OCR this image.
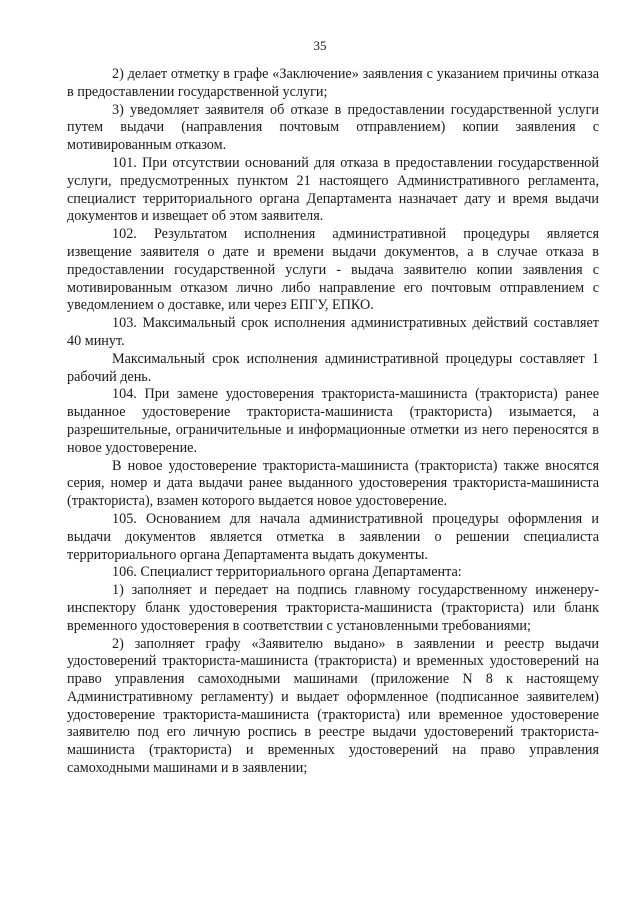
35

2) делает отметку в графе «Заключение» заявления с указанием причины отказа в предоставлении государственной услуги;

3) уведомляет заявителя об отказе в предоставлении государственной услуги путем выдачи (направления почтовым отправлением) копии заявления с мотивированным отказом.

101. При отсутствии оснований для отказа в предоставлении государственной услуги, предусмотренных пунктом 21 настоящего Административного регламента, специалист территориального органа Департамента назначает дату и время выдачи документов и извещает об этом заявителя.

102. Результатом исполнения административной процедуры является извещение заявителя о дате и времени выдачи документов, а в случае отказа в предоставлении государственной услуги - выдача заявителю копии заявления с мотивированным отказом лично либо направление его почтовым отправлением с уведомлением о доставке, или через ЕПГУ, ЕПКО.

103. Максимальный срок исполнения административных действий составляет 40 минут.

Максимальный срок исполнения административной процедуры составляет 1 рабочий день.

104. При замене удостоверения тракториста-машиниста (тракториста) ранее выданное удостоверение тракториста-машиниста (тракториста) изымается, а разрешительные, ограничительные и информационные отметки из него переносятся в новое удостоверение.

В новое удостоверение тракториста-машиниста (тракториста) также вносятся серия, номер и дата выдачи ранее выданного удостоверения тракториста-машиниста (тракториста), взамен которого выдается новое удостоверение.

105. Основанием для начала административной процедуры оформления и выдачи документов является отметка в заявлении о решении специалиста территориального органа Департамента выдать документы.

106. Специалист территориального органа Департамента:

1) заполняет и передает на подпись главному государственному инженеру-инспектору бланк удостоверения тракториста-машиниста (тракториста) или бланк временного удостоверения в соответствии с установленными требованиями;

2) заполняет графу «Заявителю выдано» в заявлении и реестр выдачи удостоверений тракториста-машиниста (тракториста) и временных удостоверений на право управления самоходными машинами (приложение N 8 к настоящему Административному регламенту) и выдает оформленное (подписанное заявителем) удостоверение тракториста-машиниста (тракториста) или временное удостоверение заявителю под его личную роспись в реестре выдачи удостоверений тракториста-машиниста (тракториста) и временных удостоверений на право управления самоходными машинами и в заявлении;
